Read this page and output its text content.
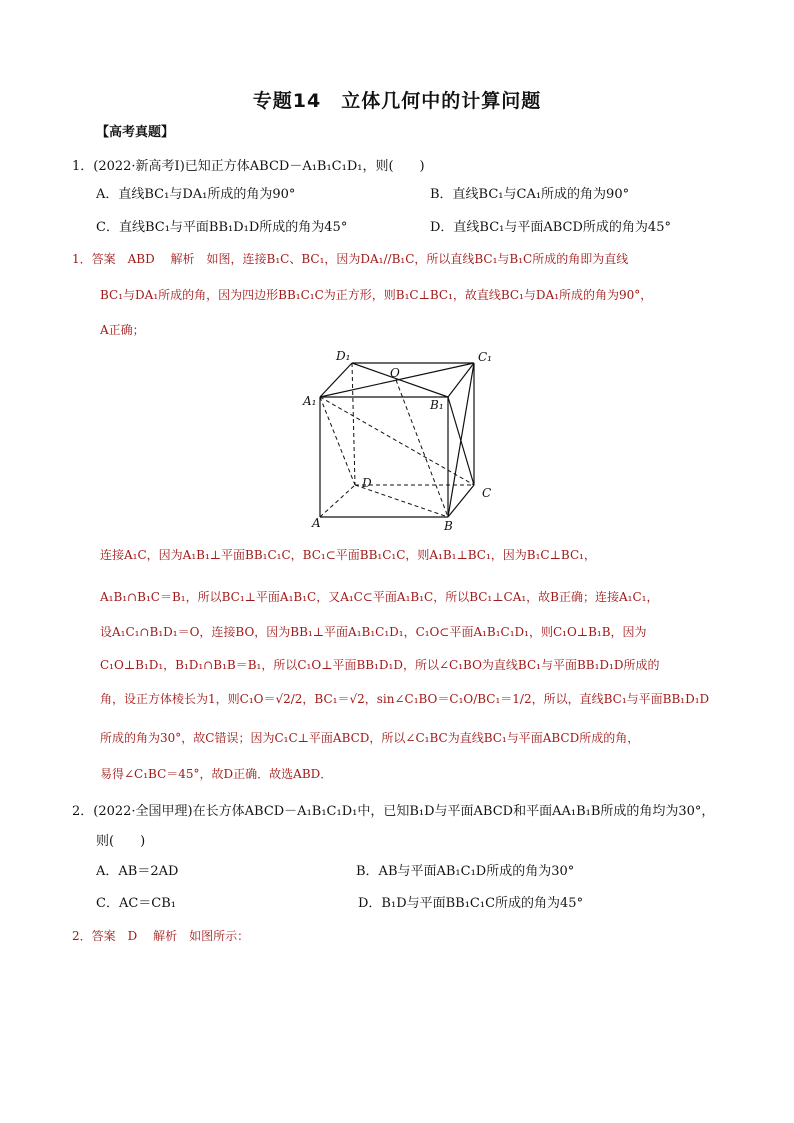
专题14　立体几何中的计算问题
【高考真题】
1．(2022·新高考Ⅰ)已知正方体ABCD－A₁B₁C₁D₁，则(　　)
A．直线BC₁与DA₁所成的角为90°	B．直线BC₁与CA₁所成的角为90°
C．直线BC₁与平面BB₁D₁D所成的角为45°	D．直线BC₁与平面ABCD所成的角为45°
1．答案　ABD　 解析　如图，连接B₁C、BC₁，因为DA₁//B₁C，所以直线BC₁与B₁C所成的角即为直线
BC₁与DA₁所成的角，因为四边形BB₁C₁C为正方形，则B₁C⊥BC₁，故直线BC₁与DA₁所成的角为90°，
A正确；
D₁	C₁
A₁	B₁
O
D
C
A	B
连接A₁C，因为A₁B₁⊥平面BB₁C₁C，BC₁⊂平面BB₁C₁C，则A₁B₁⊥BC₁，因为B₁C⊥BC₁，
A₁B₁∩B₁C＝B₁，所以BC₁⊥平面A₁B₁C，又A₁C⊂平面A₁B₁C，所以BC₁⊥CA₁，故B正确；连接A₁C₁，
设A₁C₁∩B₁D₁＝O，连接BO，因为BB₁⊥平面A₁B₁C₁D₁，C₁O⊂平面A₁B₁C₁D₁，则C₁O⊥B₁B，因为
C₁O⊥B₁D₁，B₁D₁∩B₁B＝B₁，所以C₁O⊥平面BB₁D₁D，所以∠C₁BO为直线BC₁与平面BB₁D₁D所成的
角，设正方体棱长为1，则C₁O＝√2/2，BC₁＝√2，sin∠C₁BO＝C₁O/BC₁＝1/2，所以，直线BC₁与平面BB₁D₁D
所成的角为30°，故C错误；因为C₁C⊥平面ABCD，所以∠C₁BC为直线BC₁与平面ABCD所成的角，
易得∠C₁BC＝45°，故D正确．故选ABD．
2．(2022·全国甲理)在长方体ABCD－A₁B₁C₁D₁中，已知B₁D与平面ABCD和平面AA₁B₁B所成的角均为30°，
则(　　)
A．AB＝2AD	B．AB与平面AB₁C₁D所成的角为30°
C．AC＝CB₁	D．B₁D与平面BB₁C₁C所成的角为45°
2．答案　D　 解析　如图所示：
